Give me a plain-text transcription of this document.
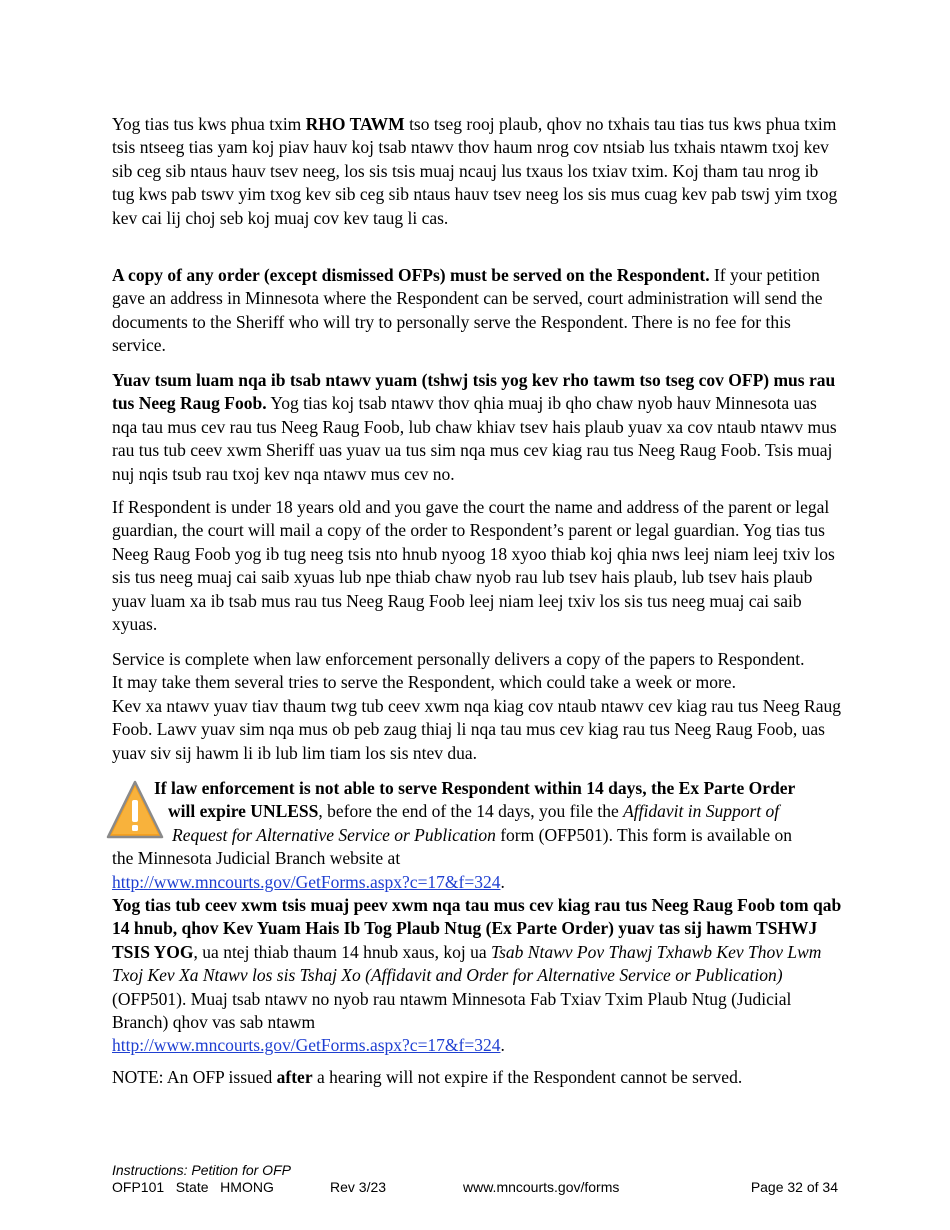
Yog tias tus kws phua txim RHO TAWM tso tseg rooj plaub, qhov no txhais tau tias tus kws phua txim tsis ntseeg tias yam koj piav hauv koj tsab ntawv thov haum nrog cov ntsiab lus txhais ntawm txoj kev sib ceg sib ntaus hauv tsev neeg, los sis tsis muaj ncauj lus txaus los txiav txim. Koj tham tau nrog ib tug kws pab tswv yim txog kev sib ceg sib ntaus hauv tsev neeg los sis mus cuag kev pab tswj yim txog kev cai lij choj seb koj muaj cov kev taug li cas.

A copy of any order (except dismissed OFPs) must be served on the Respondent. If your petition gave an address in Minnesota where the Respondent can be served, court administration will send the documents to the Sheriff who will try to personally serve the Respondent. There is no fee for this service.

Yuav tsum luam nqa ib tsab ntawv yuam (tshwj tsis yog kev rho tawm tso tseg cov OFP) mus rau tus Neeg Raug Foob. Yog tias koj tsab ntawv thov qhia muaj ib qho chaw nyob hauv Minnesota uas nqa tau mus cev rau tus Neeg Raug Foob, lub chaw khiav tsev hais plaub yuav xa cov ntaub ntawv mus rau tus tub ceev xwm Sheriff uas yuav ua tus sim nqa mus cev kiag rau tus Neeg Raug Foob. Tsis muaj nuj nqis tsub rau txoj kev nqa ntawv mus cev no.

If Respondent is under 18 years old and you gave the court the name and address of the parent or legal guardian, the court will mail a copy of the order to Respondent’s parent or legal guardian. Yog tias tus Neeg Raug Foob yog ib tug neeg tsis nto hnub nyoog 18 xyoo thiab koj qhia nws leej niam leej txiv los sis tus neeg muaj cai saib xyuas lub npe thiab chaw nyob rau lub tsev hais plaub, lub tsev hais plaub yuav luam xa ib tsab mus rau tus Neeg Raug Foob leej niam leej txiv los sis tus neeg muaj cai saib xyuas.

Service is complete when law enforcement personally delivers a copy of the papers to Respondent.
It may take them several tries to serve the Respondent, which could take a week or more.
Kev xa ntawv yuav tiav thaum twg tub ceev xwm nqa kiag cov ntaub ntawv cev kiag rau tus Neeg Raug Foob. Lawv yuav sim nqa mus ob peb zaug thiaj li nqa tau mus cev kiag rau tus Neeg Raug Foob, uas yuav siv sij hawm li ib lub lim tiam los sis ntev dua.

If law enforcement is not able to serve Respondent within 14 days, the Ex Parte Order
will expire UNLESS, before the end of the 14 days, you file the Affidavit in Support of
Request for Alternative Service or Publication form (OFP501). This form is available on
the Minnesota Judicial Branch website at
http://www.mncourts.gov/GetForms.aspx?c=17&f=324.

Yog tias tub ceev xwm tsis muaj peev xwm nqa tau mus cev kiag rau tus Neeg Raug Foob tom qab 14 hnub, qhov Kev Yuam Hais Ib Tog Plaub Ntug (Ex Parte Order) yuav tas sij hawm TSHWJ TSIS YOG, ua ntej thiab thaum 14 hnub xaus, koj ua Tsab Ntawv Pov Thawj Txhawb Kev Thov Lwm Txoj Kev Xa Ntawv los sis Tshaj Xo (Affidavit and Order for Alternative Service or Publication) (OFP501). Muaj tsab ntawv no nyob rau ntawm Minnesota Fab Txiav Txim Plaub Ntug (Judicial Branch) qhov vas sab ntawm
http://www.mncourts.gov/GetForms.aspx?c=17&f=324.

NOTE: An OFP issued after a hearing will not expire if the Respondent cannot be served.

Instructions: Petition for OFP
OFP101   State   HMONG	Rev 3/23	www.mncourts.gov/forms	Page 32 of 34
